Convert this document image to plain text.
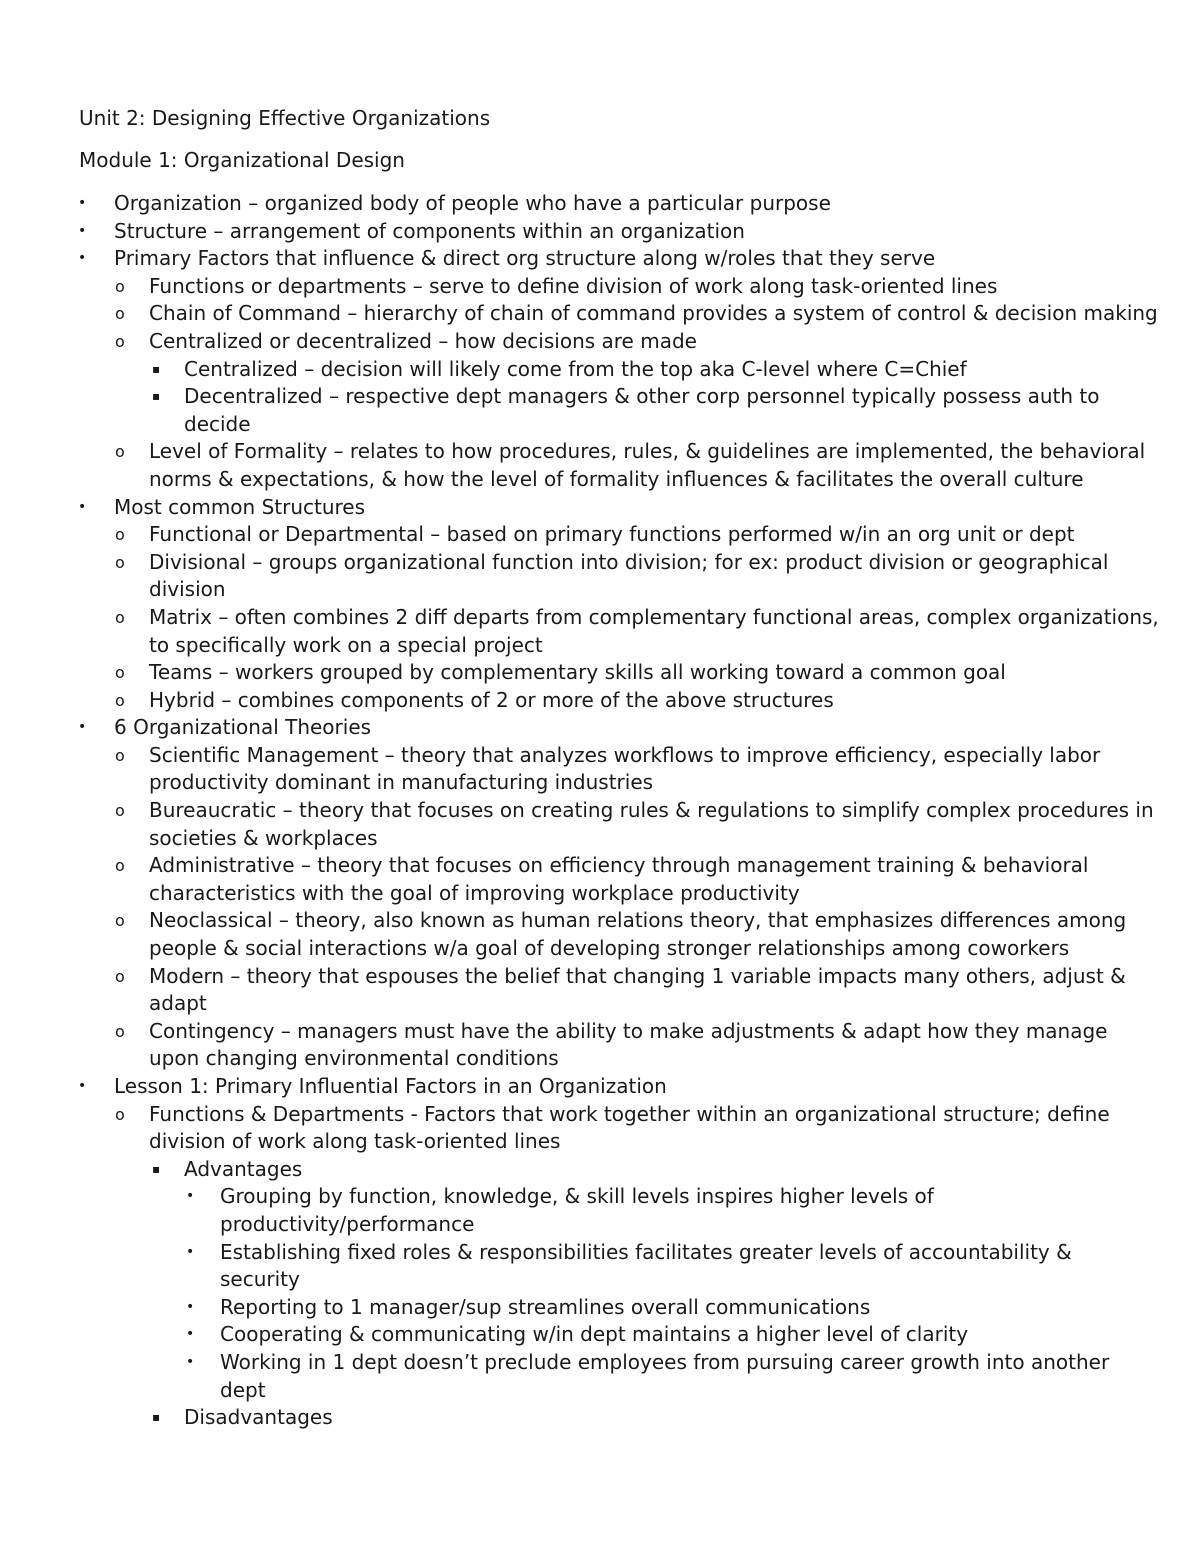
Unit 2: Designing Effective Organizations
Module 1: Organizational Design
• Organization – organized body of people who have a particular purpose
• Structure – arrangement of components within an organization
• Primary Factors that influence & direct org structure along w/roles that they serve
o Functions or departments – serve to define division of work along task-oriented lines
o Chain of Command – hierarchy of chain of command provides a system of control & decision making
o Centralized or decentralized – how decisions are made
▪ Centralized – decision will likely come from the top aka C-level where C=Chief
▪ Decentralized – respective dept managers & other corp personnel typically possess auth to decide
o Level of Formality – relates to how procedures, rules, & guidelines are implemented, the behavioral norms & expectations, & how the level of formality influences & facilitates the overall culture
• Most common Structures
o Functional or Departmental – based on primary functions performed w/in an org unit or dept
o Divisional – groups organizational function into division; for ex: product division or geographical division
o Matrix – often combines 2 diff departs from complementary functional areas, complex organizations, to specifically work on a special project
o Teams – workers grouped by complementary skills all working toward a common goal
o Hybrid – combines components of 2 or more of the above structures
• 6 Organizational Theories
o Scientific Management – theory that analyzes workflows to improve efficiency, especially labor productivity dominant in manufacturing industries
o Bureaucratic – theory that focuses on creating rules & regulations to simplify complex procedures in societies & workplaces
o Administrative – theory that focuses on efficiency through management training & behavioral characteristics with the goal of improving workplace productivity
o Neoclassical – theory, also known as human relations theory, that emphasizes differences among people & social interactions w/a goal of developing stronger relationships among coworkers
o Modern – theory that espouses the belief that changing 1 variable impacts many others, adjust & adapt
o Contingency – managers must have the ability to make adjustments & adapt how they manage upon changing environmental conditions
• Lesson 1: Primary Influential Factors in an Organization
o Functions & Departments - Factors that work together within an organizational structure; define division of work along task-oriented lines
▪ Advantages
• Grouping by function, knowledge, & skill levels inspires higher levels of productivity/performance
• Establishing fixed roles & responsibilities facilitates greater levels of accountability & security
• Reporting to 1 manager/sup streamlines overall communications
• Cooperating & communicating w/in dept maintains a higher level of clarity
• Working in 1 dept doesn’t preclude employees from pursuing career growth into another dept
▪ Disadvantages
